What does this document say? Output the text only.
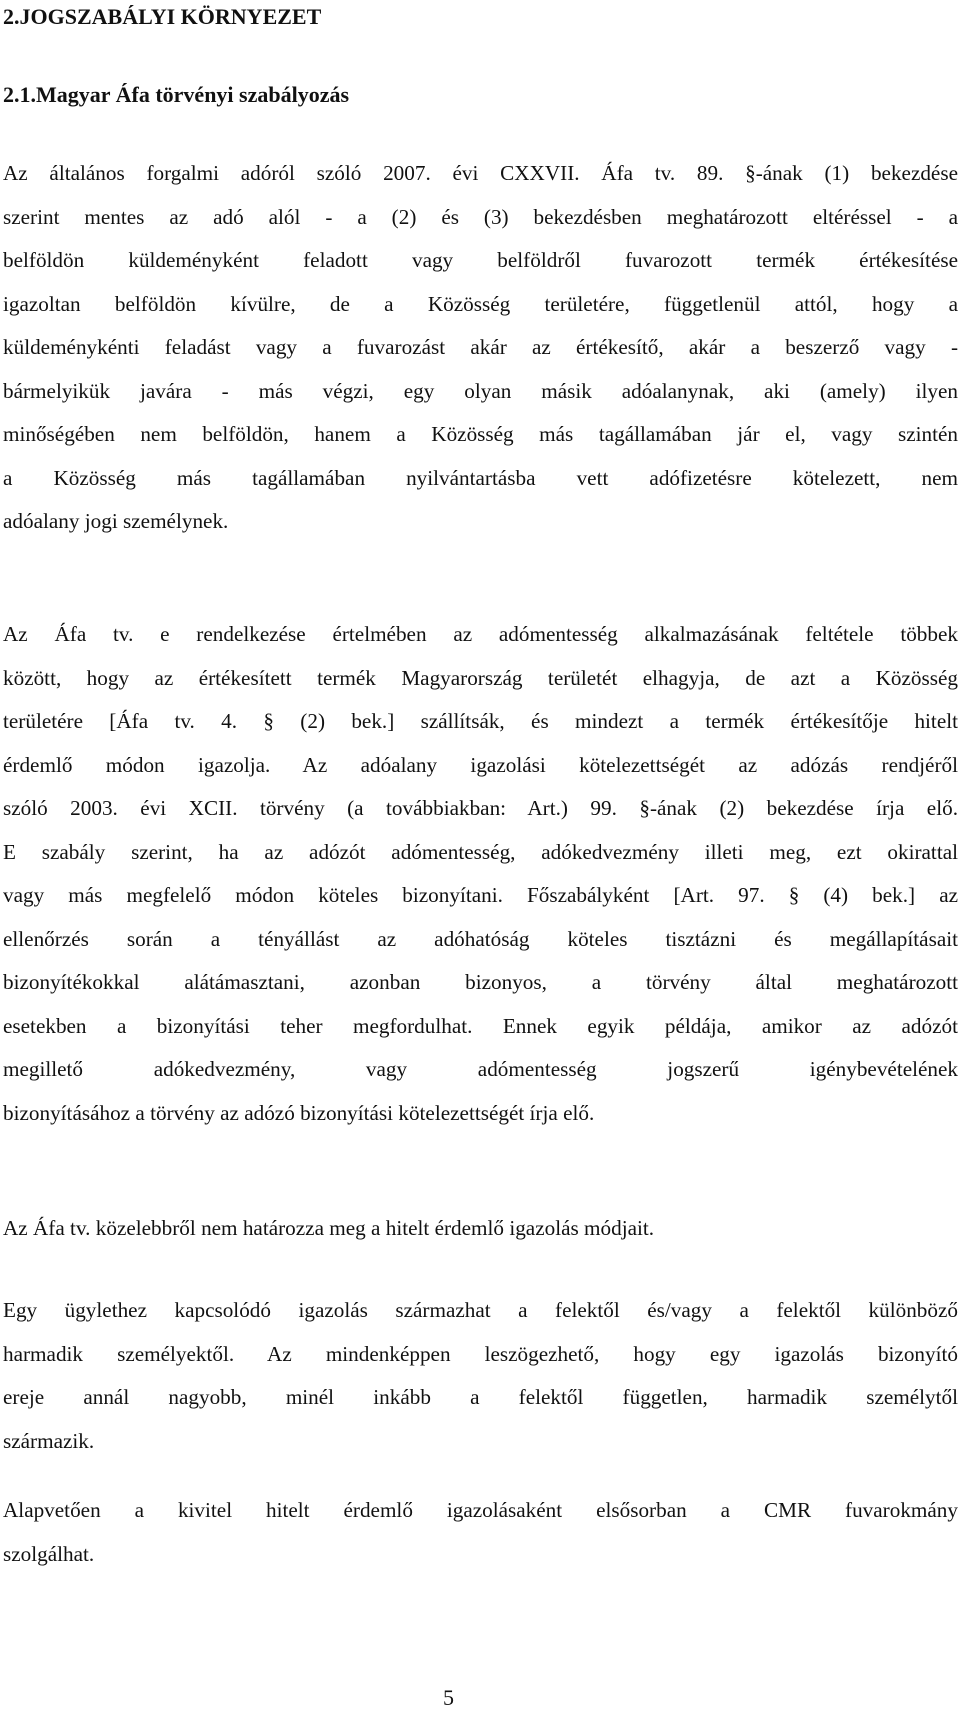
2.JOGSZABÁLYI KÖRNYEZET
2.1.Magyar Áfa törvényi szabályozás

Az általános forgalmi adóról szóló 2007. évi CXXVII. Áfa tv. 89. §-ának (1) bekezdése
szerint mentes az adó alól - a (2) és (3) bekezdésben meghatározott eltéréssel - a
belföldön küldeményként feladott vagy belföldről fuvarozott termék értékesítése
igazoltan belföldön kívülre, de a Közösség területére, függetlenül attól, hogy a
küldeménykénti feladást vagy a fuvarozást akár az értékesítő, akár a beszerző vagy -
bármelyikük javára - más végzi, egy olyan másik adóalanynak, aki (amely) ilyen
minőségében nem belföldön, hanem a Közösség más tagállamában jár el, vagy szintén
a Közösség más tagállamában nyilvántartásba vett adófizetésre kötelezett, nem
adóalany jogi személynek.

Az Áfa tv. e rendelkezése értelmében az adómentesség alkalmazásának feltétele többek
között, hogy az értékesített termék Magyarország területét elhagyja, de azt a Közösség
területére [Áfa tv. 4. § (2) bek.] szállítsák, és mindezt a termék értékesítője hitelt
érdemlő módon igazolja. Az adóalany igazolási kötelezettségét az adózás rendjéről
szóló 2003. évi XCII. törvény (a továbbiakban: Art.) 99. §-ának (2) bekezdése írja elő.
E szabály szerint, ha az adózót adómentesség, adókedvezmény illeti meg, ezt okirattal
vagy más megfelelő módon köteles bizonyítani. Főszabályként [Art. 97. § (4) bek.] az
ellenőrzés során a tényállást az adóhatóság köteles tisztázni és megállapításait
bizonyítékokkal alátámasztani, azonban bizonyos, a törvény által meghatározott
esetekben a bizonyítási teher megfordulhat. Ennek egyik példája, amikor az adózót
megillető adókedvezmény, vagy adómentesség jogszerű igénybevételének
bizonyításához a törvény az adózó bizonyítási kötelezettségét írja elő.

Az Áfa tv. közelebbről nem határozza meg a hitelt érdemlő igazolás módjait.

Egy ügylethez kapcsolódó igazolás származhat a felektől és/vagy a felektől különböző
harmadik személyektől. Az mindenképpen leszögezhető, hogy egy igazolás bizonyító
ereje annál nagyobb, minél inkább a felektől független, harmadik személytől
származik.

Alapvetően a kivitel hitelt érdemlő igazolásaként elsősorban a CMR fuvarokmány
szolgálhat.

5
